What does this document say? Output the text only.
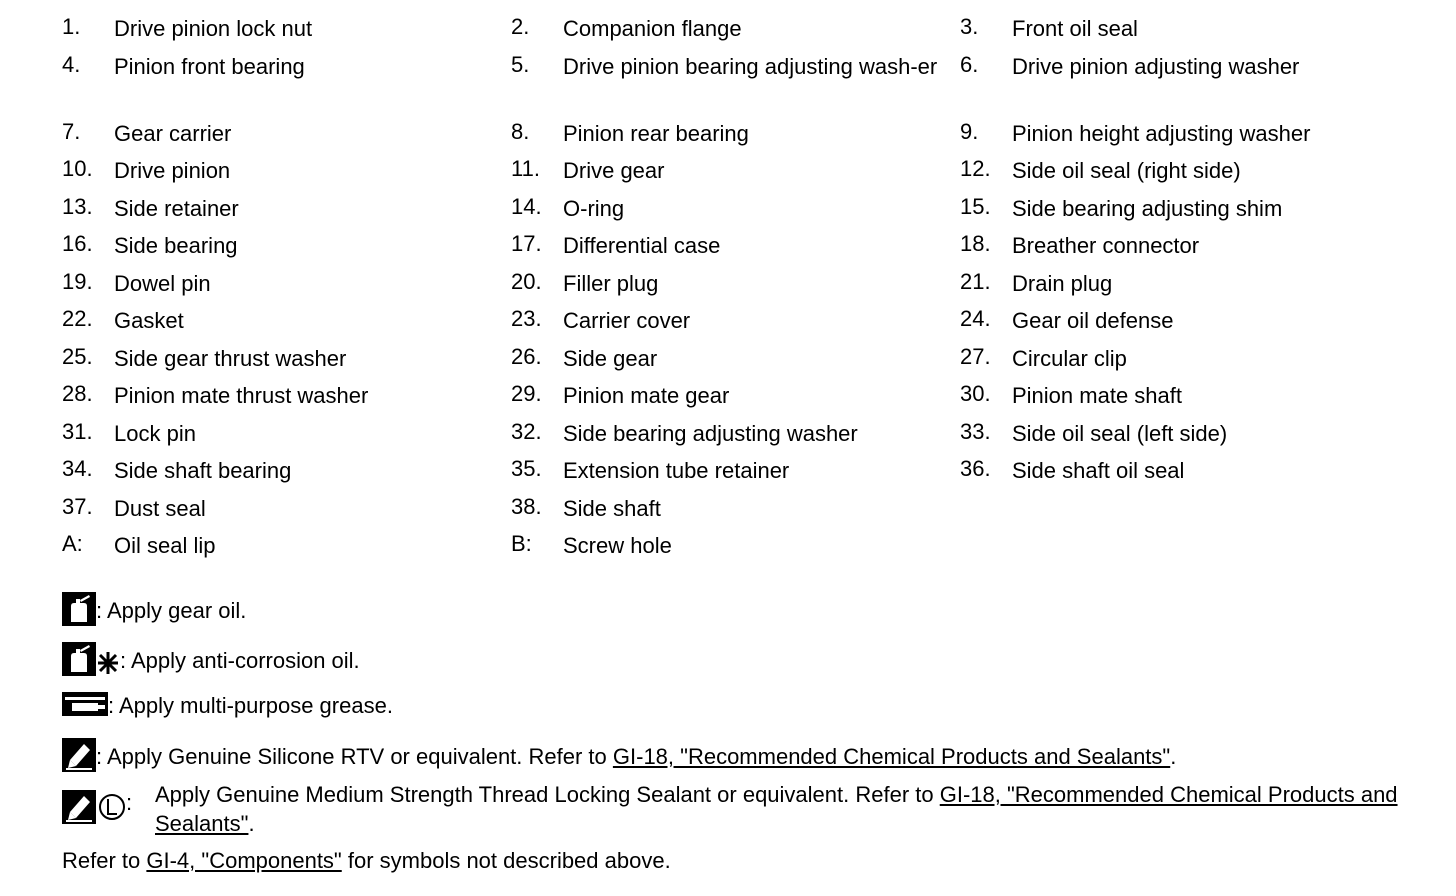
1. Drive pinion lock nut	2. Companion flange	3. Front oil seal
4. Pinion front bearing	5. Drive pinion bearing adjusting wash-er	6. Drive pinion adjusting washer
7. Gear carrier	8. Pinion rear bearing	9. Pinion height adjusting washer
10. Drive pinion	11. Drive gear	12. Side oil seal (right side)
13. Side retainer	14. O-ring	15. Side bearing adjusting shim
16. Side bearing	17. Differential case	18. Breather connector
19. Dowel pin	20. Filler plug	21. Drain plug
22. Gasket	23. Carrier cover	24. Gear oil defense
25. Side gear thrust washer	26. Side gear	27. Circular clip
28. Pinion mate thrust washer	29. Pinion mate gear	30. Pinion mate shaft
31. Lock pin	32. Side bearing adjusting washer	33. Side oil seal (left side)
34. Side shaft bearing	35. Extension tube retainer	36. Side shaft oil seal
37. Dust seal	38. Side shaft
A: Oil seal lip	B: Screw hole
: Apply gear oil.
: Apply anti-corrosion oil.
: Apply multi-purpose grease.
: Apply Genuine Silicone RTV or equivalent. Refer to GI-18, "Recommended Chemical Products and Sealants".
: Apply Genuine Medium Strength Thread Locking Sealant or equivalent. Refer to GI-18, "Recommended Chemical Products and Sealants".
Refer to GI-4, "Components" for symbols not described above.
